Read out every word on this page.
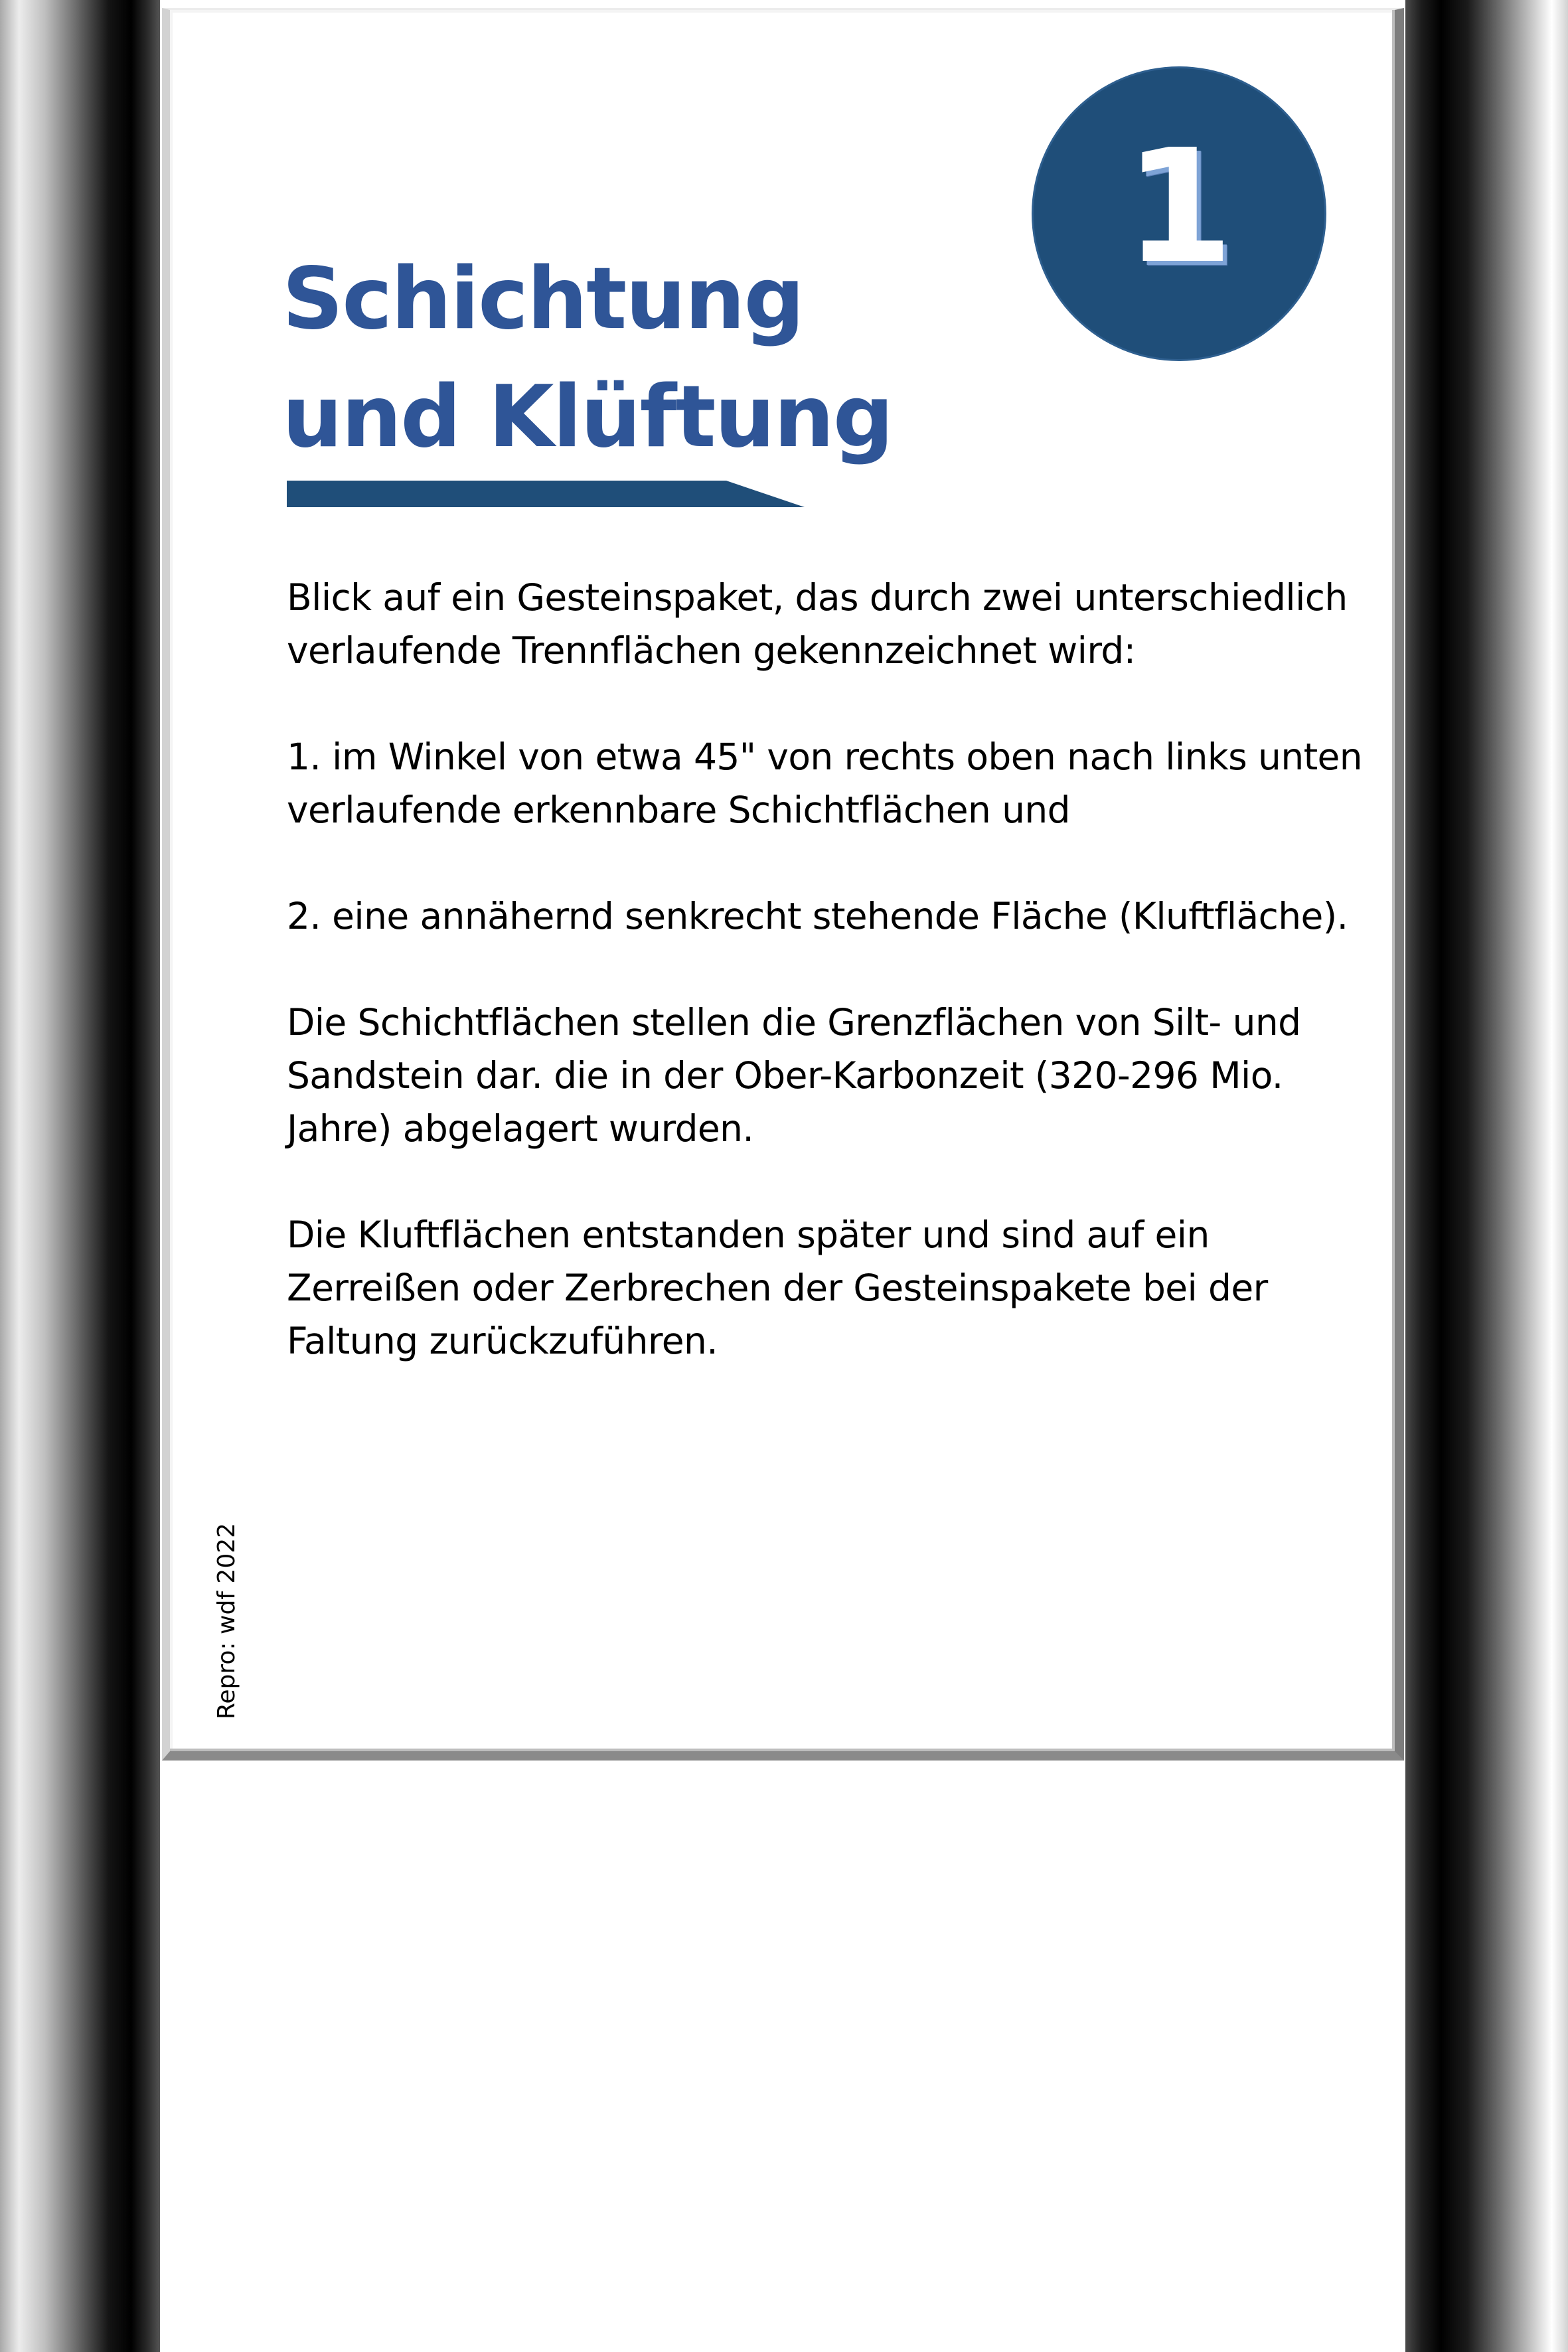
1
Schichtung
und Klüftung

Blick auf ein Gesteinspaket, das durch zwei unterschiedlich verlaufende Trennflächen gekennzeichnet wird:

1. im Winkel von etwa 45" von rechts oben nach links unten verlaufende erkennbare Schichtflächen und

2. eine annähernd senkrecht stehende Fläche (Kluftfläche).

Die Schichtflächen stellen die Grenzflächen von Silt- und Sandstein dar. die in der Ober-Karbonzeit (320-296 Mio. Jahre) abgelagert wurden.

Die Kluftflächen entstanden später und sind auf ein Zerreißen oder Zerbrechen der Gesteinspakete bei der Faltung zurückzuführen.

Repro: wdf 2022
